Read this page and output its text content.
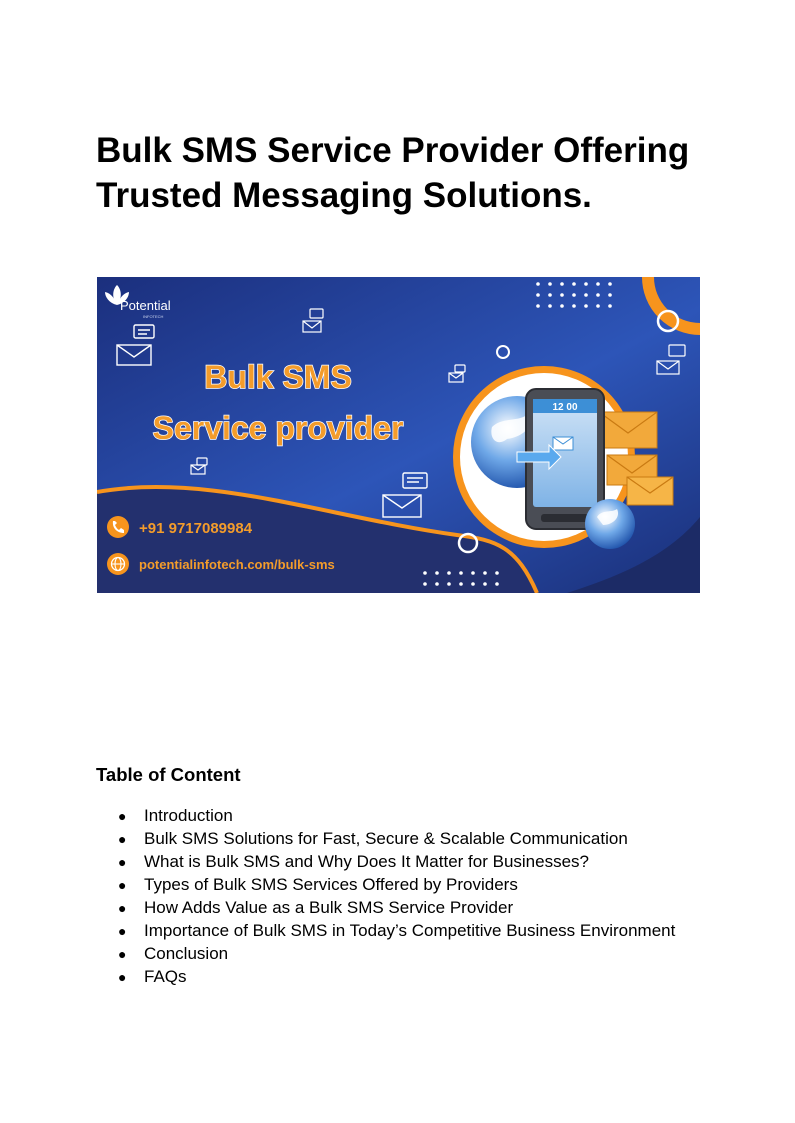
Bulk SMS Service Provider Offering
Trusted Messaging Solutions.
Potential
INFOTECH
Bulk SMS
Service provider
+91 9717089984
potentialinfotech.com/bulk-sms
12 00
Table of Content
● Introduction
● Bulk SMS Solutions for Fast, Secure & Scalable Communication
● What is Bulk SMS and Why Does It Matter for Businesses?
● Types of Bulk SMS Services Offered by Providers
● How Adds Value as a Bulk SMS Service Provider
● Importance of Bulk SMS in Today’s Competitive Business Environment
● Conclusion
● FAQs
